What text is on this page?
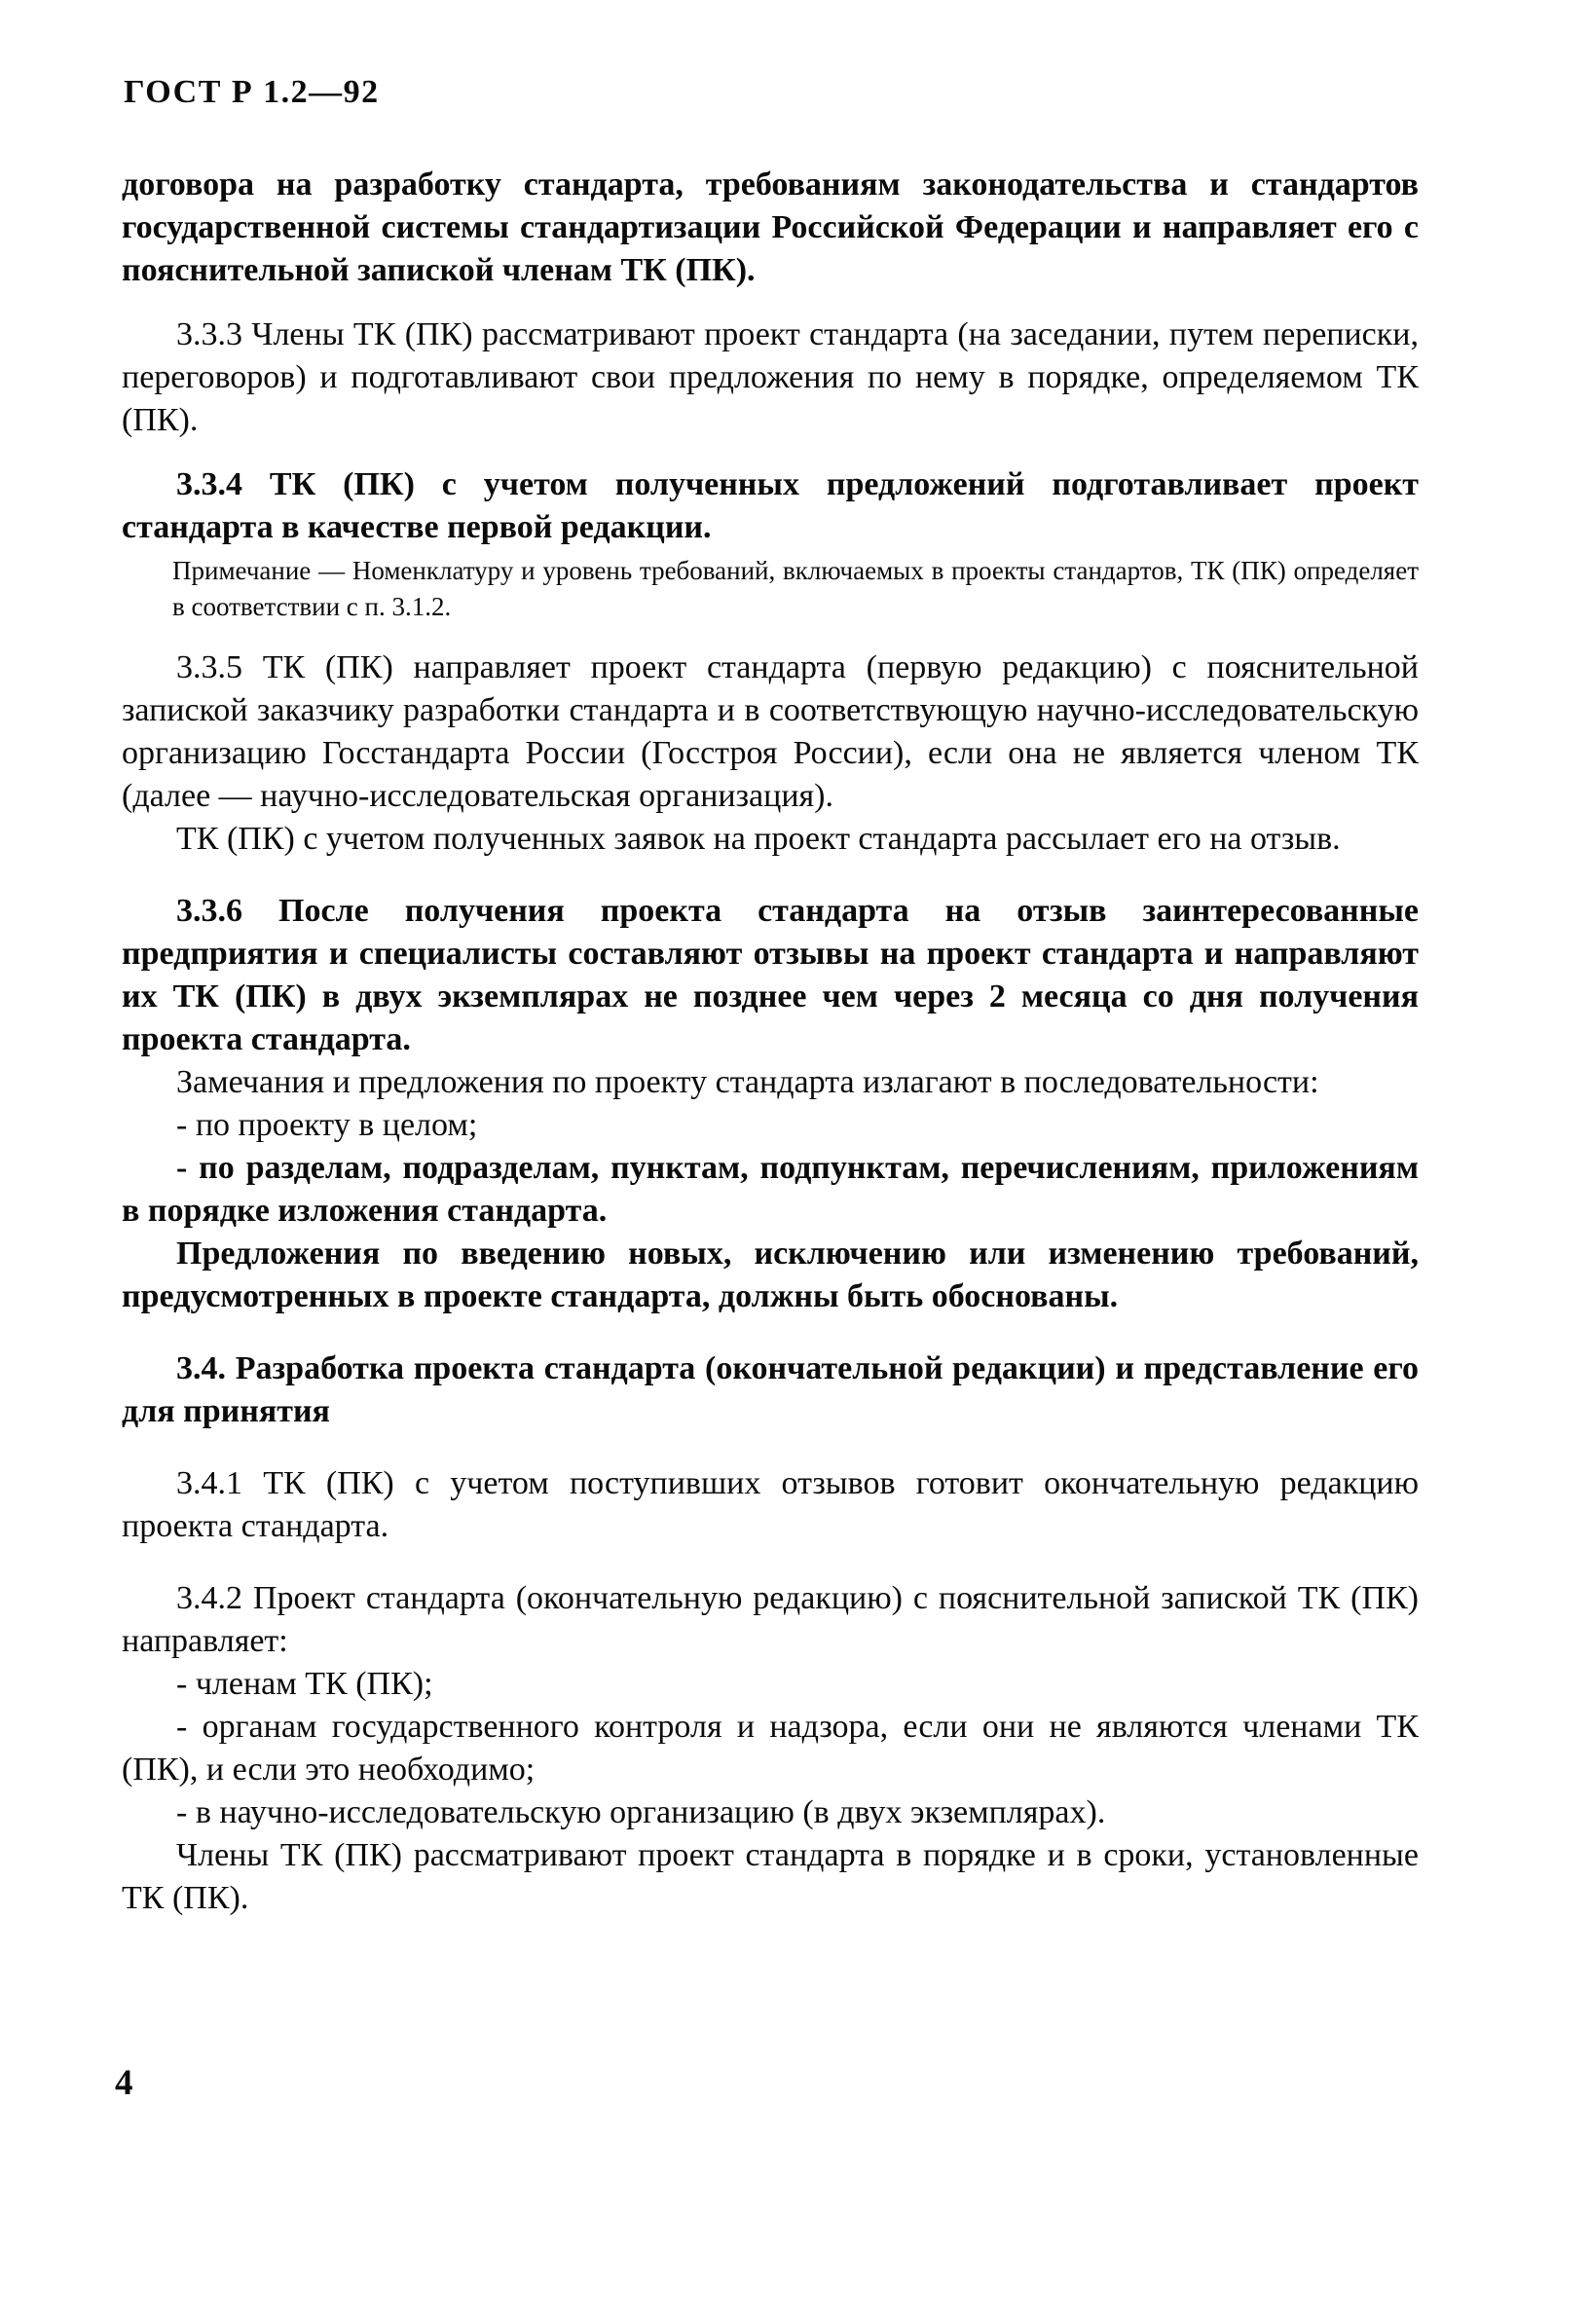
ГОСТ Р 1.2—92

договора на разработку стандарта, требованиям законодательства и стандартов государственной системы стандартизации Российской Федерации и направляет его с пояснительной запиской членам ТК (ПК).

3.3.3 Члены ТК (ПК) рассматривают проект стандарта (на заседании, путем переписки, переговоров) и подготавливают свои предложения по нему в порядке, определяемом ТК (ПК).

3.3.4 ТК (ПК) с учетом полученных предложений подготавливает проект стандарта в качестве первой редакции.

Примечание — Номенклатуру и уровень требований, включаемых в проекты стандартов, ТК (ПК) определяет в соответствии с п. 3.1.2.

3.3.5 ТК (ПК) направляет проект стандарта (первую редакцию) с пояснительной запиской заказчику разработки стандарта и в соответствующую научно-исследовательскую организацию Госстандарта России (Госстроя России), если она не является членом ТК (далее — научно-исследовательская организация).

ТК (ПК) с учетом полученных заявок на проект стандарта рассылает его на отзыв.

3.3.6 После получения проекта стандарта на отзыв заинтересованные предприятия и специалисты составляют отзывы на проект стандарта и направляют их ТК (ПК) в двух экземплярах не позднее чем через 2 месяца со дня получения проекта стандарта.

Замечания и предложения по проекту стандарта излагают в последовательности:

- по проекту в целом;

- по разделам, подразделам, пунктам, подпунктам, перечислениям, приложениям в порядке изложения стандарта.

Предложения по введению новых, исключению или изменению требований, предусмотренных в проекте стандарта, должны быть обоснованы.

3.4. Разработка проекта стандарта (окончательной редакции) и представление его для принятия

3.4.1 ТК (ПК) с учетом поступивших отзывов готовит окончательную редакцию проекта стандарта.

3.4.2 Проект стандарта (окончательную редакцию) с пояснительной запиской ТК (ПК) направляет:

- членам ТК (ПК);

- органам государственного контроля и надзора, если они не являются членами ТК (ПК), и если это необходимо;

- в научно-исследовательскую организацию (в двух экземплярах).

Члены ТК (ПК) рассматривают проект стандарта в порядке и в сроки, установленные ТК (ПК).

4
